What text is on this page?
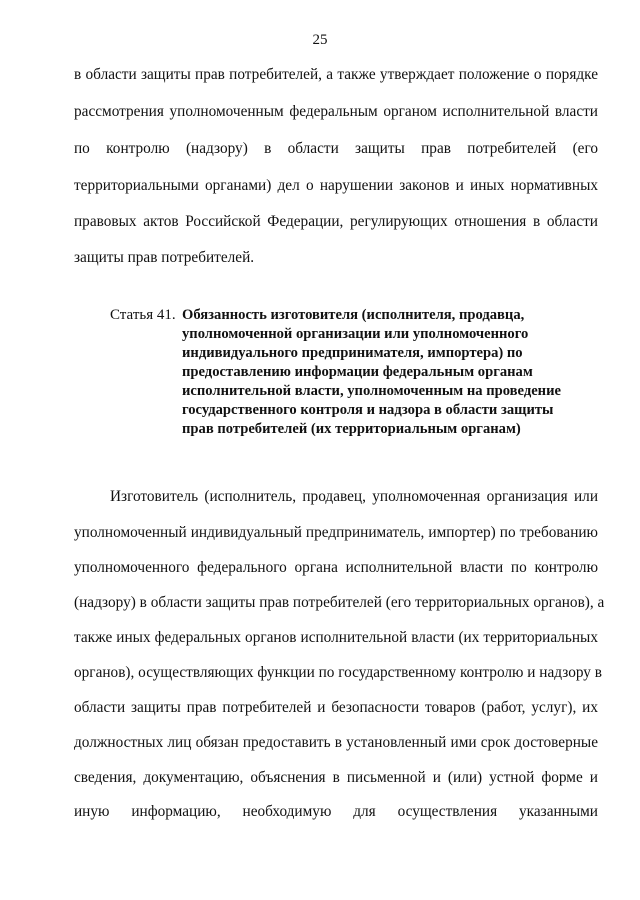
25
в области защиты прав потребителей, а также утверждает положение о порядке
рассмотрения уполномоченным федеральным органом исполнительной власти
по контролю (надзору) в области защиты прав потребителей (его
территориальными органами) дел о нарушении законов и иных нормативных
правовых актов Российской Федерации, регулирующих отношения в области
защиты прав потребителей.
Статья 41. Обязанность изготовителя (исполнителя, продавца,
уполномоченной организации или уполномоченного
индивидуального предпринимателя, импортера) по
предоставлению информации федеральным органам
исполнительной власти, уполномоченным на проведение
государственного контроля и надзора в области защиты
прав потребителей (их территориальным органам)
Изготовитель (исполнитель, продавец, уполномоченная организация или
уполномоченный индивидуальный предприниматель, импортер) по требованию
уполномоченного федерального органа исполнительной власти по контролю
(надзору) в области защиты прав потребителей (его территориальных органов), а
также иных федеральных органов исполнительной власти (их территориальных
органов), осуществляющих функции по государственному контролю и надзору в
области защиты прав потребителей и безопасности товаров (работ, услуг), их
должностных лиц обязан предоставить в установленный ими срок достоверные
сведения, документацию, объяснения в письменной и (или) устной форме и
иную информацию, необходимую для осуществления указанными
